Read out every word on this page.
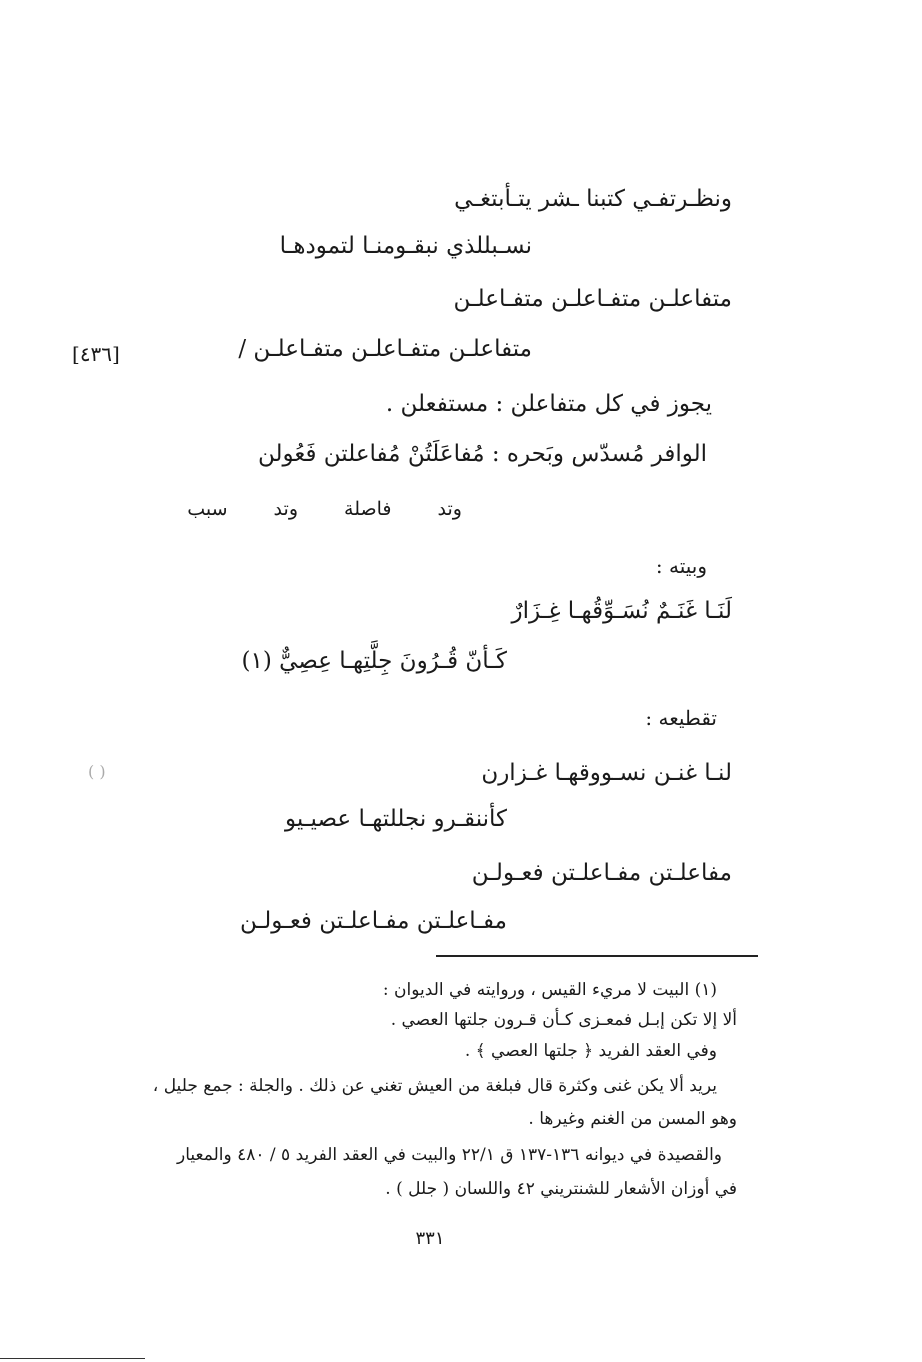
ونظـرتفـي كتبنا ـشر يتـأبتغـي
نسـبللذي نبقـومنـا لتمودهـا
متفاعلـن متفـاعلـن متفـاعلـن
متفاعلـن متفـاعلـن متفـاعلـن /
[٤٣٦]
يجوز في كل متفاعلن : مستفعلن .
الوافر مُسدّس وبَحره : مُفاعَلَتُنْ مُفاعلتن فَعُولن
وتد فاصلة وتد سبب
وبيته :
لَنَـا غَنَـمٌ نُسَـوِّقُهـا غِـزَارٌ
كَـأنّ قُـرُونَ جِلَّتِهـا عِصِيٌّ (١)
تقطيعه :
( )	لنـا غنـن نسـووقهـا غـزارن
كأننقـرو نجللتهـا عصيـيو
مفاعلـتن مفـاعلـتن فعـولـن
مفـاعلـتن مفـاعلـتن فعـولـن
(١) البيت لا مريء القيس ، وروايته في الديوان :
ألا إلا تكن إبـل فمعـزى كـأن قـرون جلتها العصي .
وفي العقد الفريد ﴿ جلتها العصي ﴾ .
يريد ألا يكن غنى وكثرة قال فبلغة من العيش تغني عن ذلك . والجلة : جمع جليل ،
وهو المسن من الغنم وغيرها .
والقصيدة في ديوانه ١٣٦-١٣٧ ق ٢٢/١ والبيت في العقد الفريد ٥ / ٤٨٠ والمعيار
في أوزان الأشعار للشنتريني ٤٢ واللسان ( جلل ) .
٣٣١
